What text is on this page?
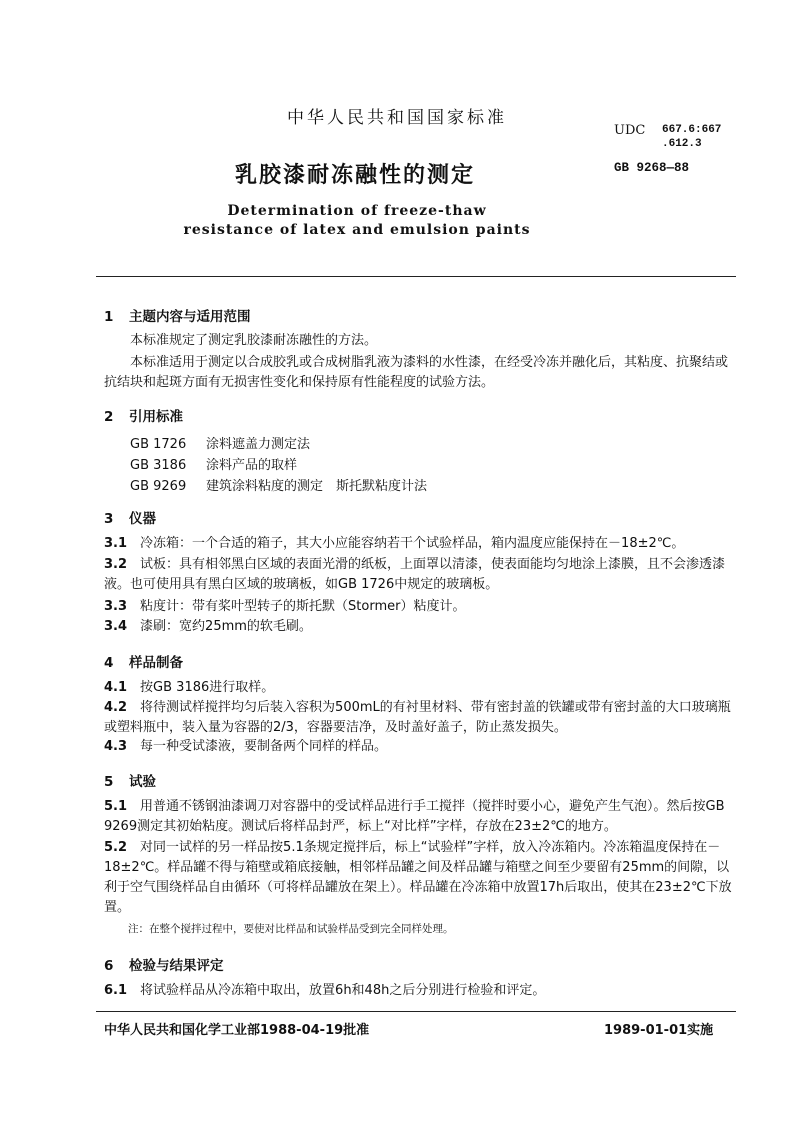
中华人民共和国国家标准
UDC 667.6:667
.612.3
乳胶漆耐冻融性的测定	GB 9268—88
Determination of freeze-thaw
resistance of latex and emulsion paints
1 主题内容与适用范围
本标准规定了测定乳胶漆耐冻融性的方法。
本标准适用于测定以合成胶乳或合成树脂乳液为漆料的水性漆，在经受冷冻并融化后，其粘度、抗聚结或抗结块和起斑方面有无损害性变化和保持原有性能程度的试验方法。
2 引用标准
GB 1726 涂料遮盖力测定法
GB 3186 涂料产品的取样
GB 9269 建筑涂料粘度的测定　斯托默粘度计法
3 仪器
3.1　 冷冻箱：一个合适的箱子，其大小应能容纳若干个试验样品，箱内温度应能保持在－18±2℃。
3.2　 试板：具有相邻黑白区域的表面光滑的纸板，上面罩以清漆，使表面能均匀地涂上漆膜，且不会渗透漆液。也可使用具有黑白区域的玻璃板，如GB 1726中规定的玻璃板。
3.3　 粘度计：带有桨叶型转子的斯托默（Stormer）粘度计。
3.4　 漆刷：宽约25mm的软毛刷。
4 样品制备
4.1　 按GB 3186进行取样。
4.2　 将待测试样搅拌均匀后装入容积为500mL的有衬里材料、带有密封盖的铁罐或带有密封盖的大口玻璃瓶或塑料瓶中，装入量为容器的2/3，容器要洁净，及时盖好盖子，防止蒸发损失。
4.3　 每一种受试漆液，要制备两个同样的样品。
5 试验
5.1　 用普通不锈钢油漆调刀对容器中的受试样品进行手工搅拌（搅拌时要小心，避免产生气泡）。然后按GB 9269测定其初始粘度。测试后将样品封严，标上“对比样”字样，存放在23±2℃的地方。
5.2　 对同一试样的另一样品按5.1条规定搅拌后，标上“试验样”字样，放入冷冻箱内。冷冻箱温度保持在－18±2℃。样品罐不得与箱壁或箱底接触，相邻样品罐之间及样品罐与箱壁之间至少要留有25mm的间隙，以利于空气围绕样品自由循环（可将样品罐放在架上）。样品罐在冷冻箱中放置17h后取出，使其在23±2℃下放置。
注：在整个搅拌过程中，要使对比样品和试验样品受到完全同样处理。
6 检验与结果评定
6.1　 将试验样品从冷冻箱中取出，放置6h和48h之后分别进行检验和评定。
中华人民共和国化学工业部1988-04-19批准	1989-01-01实施
